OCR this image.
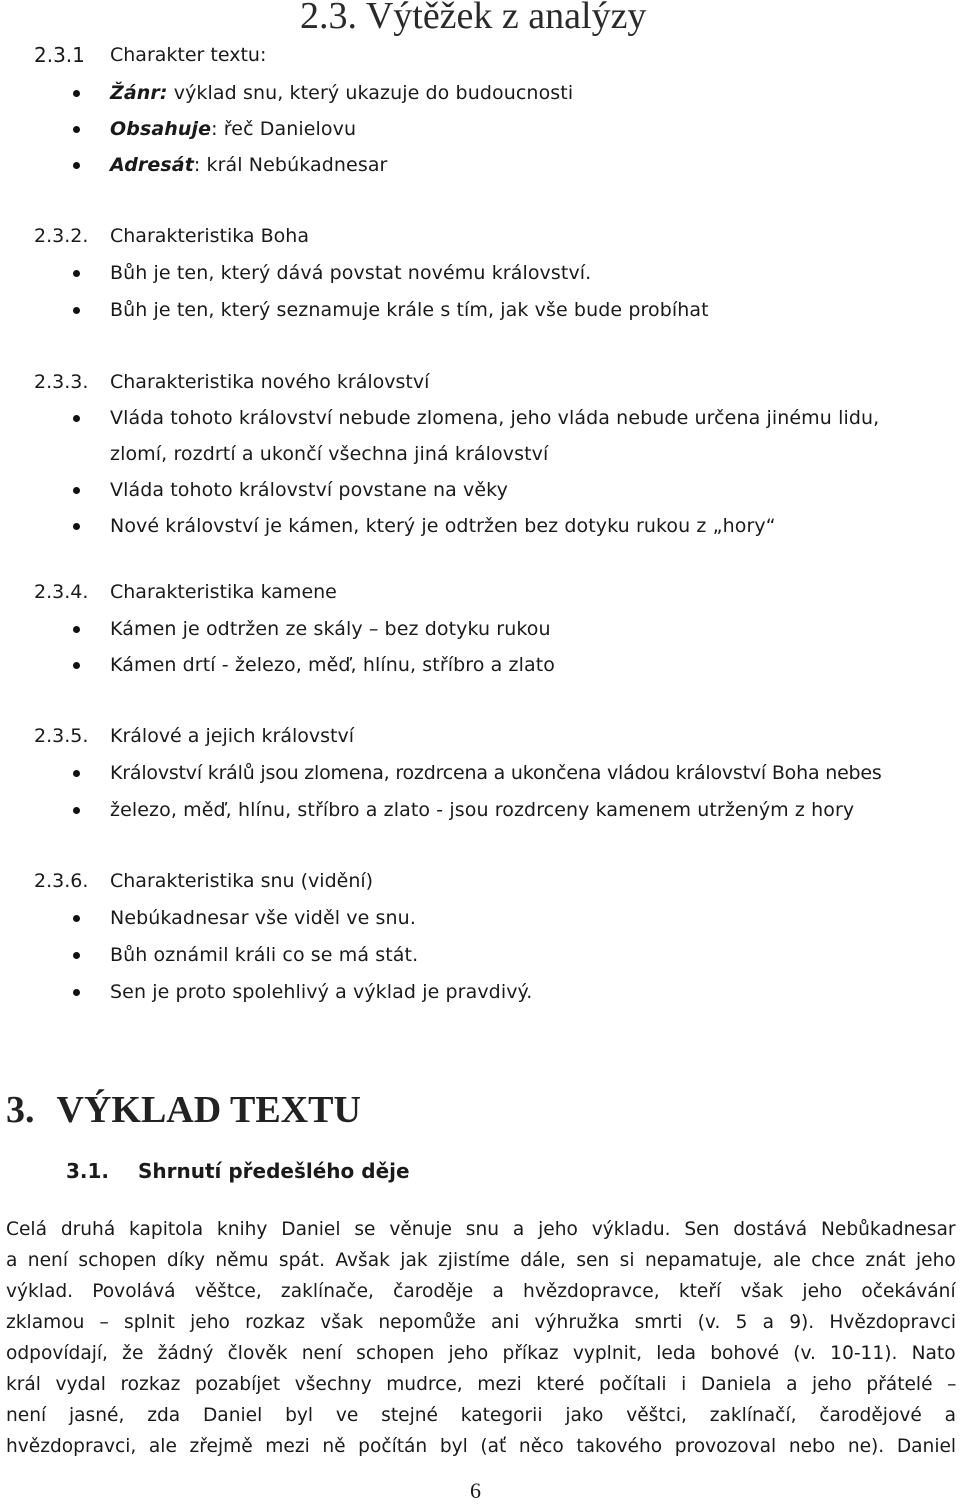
2.3. Výtěžek z analýzy
2.3.1 Charakter textu:
Žánr: výklad snu, který ukazuje do budoucnosti
Obsahuje: řeč Danielovu
Adresát: král Nebúkadnesar
2.3.2. Charakteristika Boha
Bůh je ten, který dává povstat novému království.
Bůh je ten, který seznamuje krále s tím, jak vše bude probíhat
2.3.3. Charakteristika nového království
Vláda tohoto království nebude zlomena, jeho vláda nebude určena jinému lidu,
zlomí, rozdrtí a ukončí všechna jiná království
Vláda tohoto království povstane na věky
Nové království je kámen, který je odtržen bez dotyku rukou z „hory“
2.3.4. Charakteristika kamene
Kámen je odtržen ze skály – bez dotyku rukou
Kámen drtí - železo, měď, hlínu, stříbro a zlato
2.3.5. Králové a jejich království
Království králů jsou zlomena, rozdrcena a ukončena vládou království Boha nebes
železo, měď, hlínu, stříbro a zlato - jsou rozdrceny kamenem utrženým z hory
2.3.6. Charakteristika snu (vidění)
Nebúkadnesar vše viděl ve snu.
Bůh oznámil králi co se má stát.
Sen je proto spolehlivý a výklad je pravdivý.
3. VÝKLAD TEXTU
3.1. Shrnutí předešlého děje
Celá druhá kapitola knihy Daniel se věnuje snu a jeho výkladu. Sen dostává Nebůkadnesar
a není schopen díky němu spát. Avšak jak zjistíme dále, sen si nepamatuje, ale chce znát jeho
výklad. Povolává věštce, zaklínače, čaroděje a hvězdopravce, kteří však jeho očekávání
zklamou – splnit jeho rozkaz však nepomůže ani výhružka smrti (v. 5 a 9). Hvězdopravci
odpovídají, že žádný člověk není schopen jeho příkaz vyplnit, leda bohové (v. 10-11). Nato
král vydal rozkaz pozabíjet všechny mudrce, mezi které počítali i Daniela a jeho přátelé –
není jasné, zda Daniel byl ve stejné kategorii jako věštci, zaklínačí, čarodějové a
hvězdopravci, ale zřejmě mezi ně počítán byl (ať něco takového provozoval nebo ne). Daniel
6
